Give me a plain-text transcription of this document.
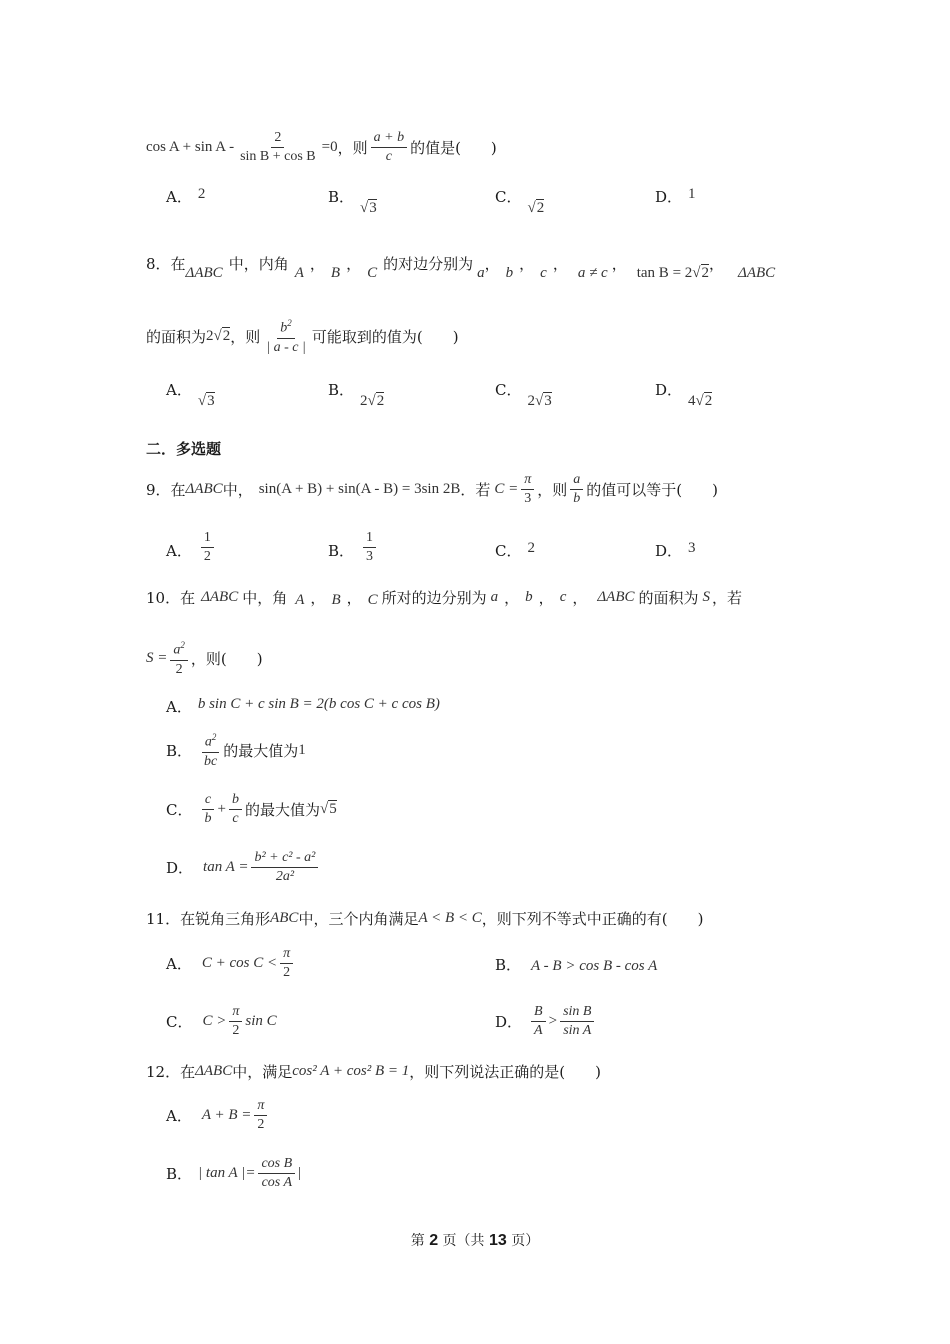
$\cos A + \sin A - \frac{2}{\text{sin B + cos B}} =0$ ，则 $\frac{a + b}{c}$ 的值是(　　)
A． 2	B．
√3
C．
√2
D． 1
8．在 ΔABC 中，内角 A ， B ， C 的对边分别为 a ， b ， c ， a ≠ c ， tan B = 2 √2 ， ΔABC
的面积为 2 √2 ，则 $\frac{b^2}{| a - c |}$ 可能取到的值为(　　)
A．
√3
B．
2√2
C．
2√3
D．
4√2
二．多选题
9．在 ΔABC 中， sin(A + B) + sin(A - B) = 3sin 2B ．若 $C = \frac{\pi}{3}$ ，则 $\frac{a}{b}$ 的值可以等于(　　)
A． $\frac{1}{2}$	B． $\frac{1}{3}$	C． 2	D． 3
10．在 ΔABC 中，角 A ， B ， C 所对的边分别为 a ， b ， c ， ΔABC 的面积为 S ，若
$S = \frac{a^2}{2}$ ，则(　　)
A． b sin C + c sin B = 2(b cos C + c cos B)
B． $\frac{a^2}{bc}$ 的最大值为 1
C． $\frac{c}{b} + \frac{b}{c}$ 的最大值为 √5
D． $\tan A = \frac{\text{b² + c² - a²}}{\text{2a²}}$
11．在锐角三角形 ABC 中，三个内角满足 A < B < C ，则下列不等式中正确的有(　　)
A． $C + \cos C < \frac{\pi}{2}$	B． A - B > cos B - cos A
C． $C > \frac{\pi}{2}$ sin C	D． $\frac{B}{A} > \frac{\text{sin B}}{\text{sin A}}$
12．在 ΔABC 中，满足 cos² A + cos² B = 1 ，则下列说法正确的是(　　)
A． $A + B = \frac{\pi}{2}$
B． | tan A |= $\frac{\text{cos B}}{\text{cos A}}$ |
第 2 页（共 13 页）
